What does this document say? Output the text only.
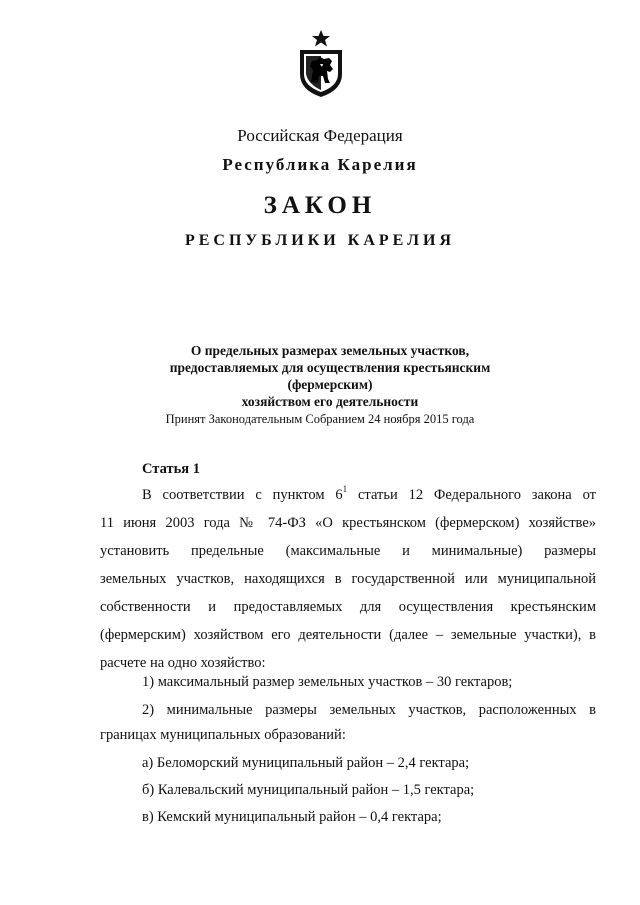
Российская Федерация
Республика Карелия
ЗАКОН
РЕСПУБЛИКИ КАРЕЛИЯ
О предельных размерах земельных участков,
предоставляемых для осуществления крестьянским (фермерским)
хозяйством его деятельности
Принят Законодательным Собранием 24 ноября 2015 года
Статья 1
В соответствии с пунктом $6^1$ статьи 12 Федерального закона от
11 июня 2003 года № 74-ФЗ «О крестьянском (фермерском) хозяйстве»
установить предельные (максимальные и минимальные) размеры
земельных участков, находящихся в государственной или муниципальной
собственности и предоставляемых для осуществления крестьянским
(фермерским) хозяйством его деятельности (далее – земельные участки), в
расчете на одно хозяйство:
1) максимальный размер земельных участков – 30 гектаров;
2) минимальные размеры земельных участков, расположенных в
границах муниципальных образований:
а) Беломорский муниципальный район – 2,4 гектара;
б) Калевальский муниципальный район – 1,5 гектара;
в) Кемский муниципальный район – 0,4 гектара;
